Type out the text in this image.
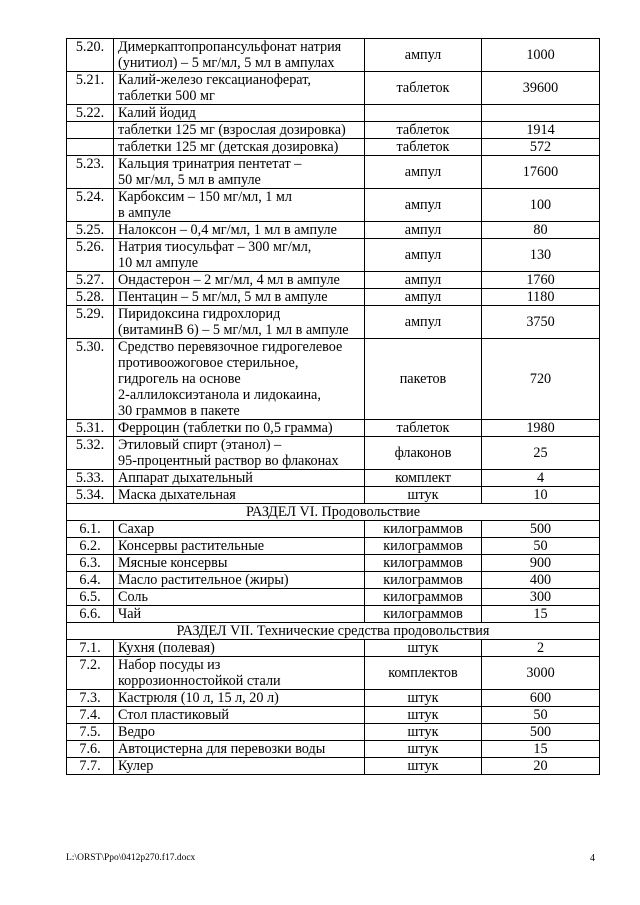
5.20.	Димеркаптопропансульфонат натрия
(унитиол) – 5 мг/мл, 5 мл в ампулах	ампул	1000
5.21.	Калий-железо гексацианоферат,
таблетки 500 мг	таблеток	39600
5.22.	Калий йодид		

	таблетки 125 мг (взрослая дозировка)	таблеток	1914

	таблетки 125 мг (детская дозировка)	таблеток	572
5.23.	Кальция тринатрия пентетат –
50 мг/мл, 5 мл в ампуле	ампул	17600
5.24.	Карбоксим – 150 мг/мл, 1 мл
в ампуле	ампул	100
5.25.	Налоксон – 0,4 мг/мл, 1 мл в ампуле	ампул	80
5.26.	Натрия тиосульфат – 300 мг/мл,
10 мл ампуле	ампул	130
5.27.	Ондастерон – 2 мг/мл, 4 мл в ампуле	ампул	1760
5.28.	Пентацин – 5 мг/мл, 5 мл в ампуле	ампул	1180
5.29.	Пиридоксина гидрохлорид
(витаминВ 6) – 5 мг/мл, 1 мл в ампуле	ампул	3750
5.30.	Средство перевязочное гидрогелевое
противоожоговое стерильное,
гидрогель на основе
2-аллилоксиэтанола и лидокаина,
30 граммов в пакете	пакетов	720
5.31.	Ферроцин (таблетки по 0,5 грамма)	таблеток	1980
5.32.	Этиловый спирт (этанол) –
95-процентный раствор во флаконах	флаконов	25
5.33.	Аппарат дыхательный	комплект	4
5.34.	Маска дыхательная	штук	10
РАЗДЕЛ VI. Продовольствие			
6.1.	Сахар	килограммов	500
6.2.	Консервы растительные	килограммов	50
6.3.	Мясные консервы	килограммов	900
6.4.	Масло растительное (жиры)	килограммов	400
6.5.	Соль	килограммов	300
6.6.	Чай	килограммов	15
РАЗДЕЛ VII. Технические средства продовольствия			
7.1.	Кухня (полевая)	штук	2
7.2.	Набор посуды из
коррозионностойкой стали	комплектов	3000
7.3.	Кастрюля (10 л, 15 л, 20 л)	штук	600
7.4.	Стол пластиковый	штук	50
7.5.	Ведро	штук	500
7.6.	Автоцистерна для перевозки воды	штук	15
7.7.	Кулер	штук	20
L:\ORST\Ppo\0412p270.f17.docx	4
